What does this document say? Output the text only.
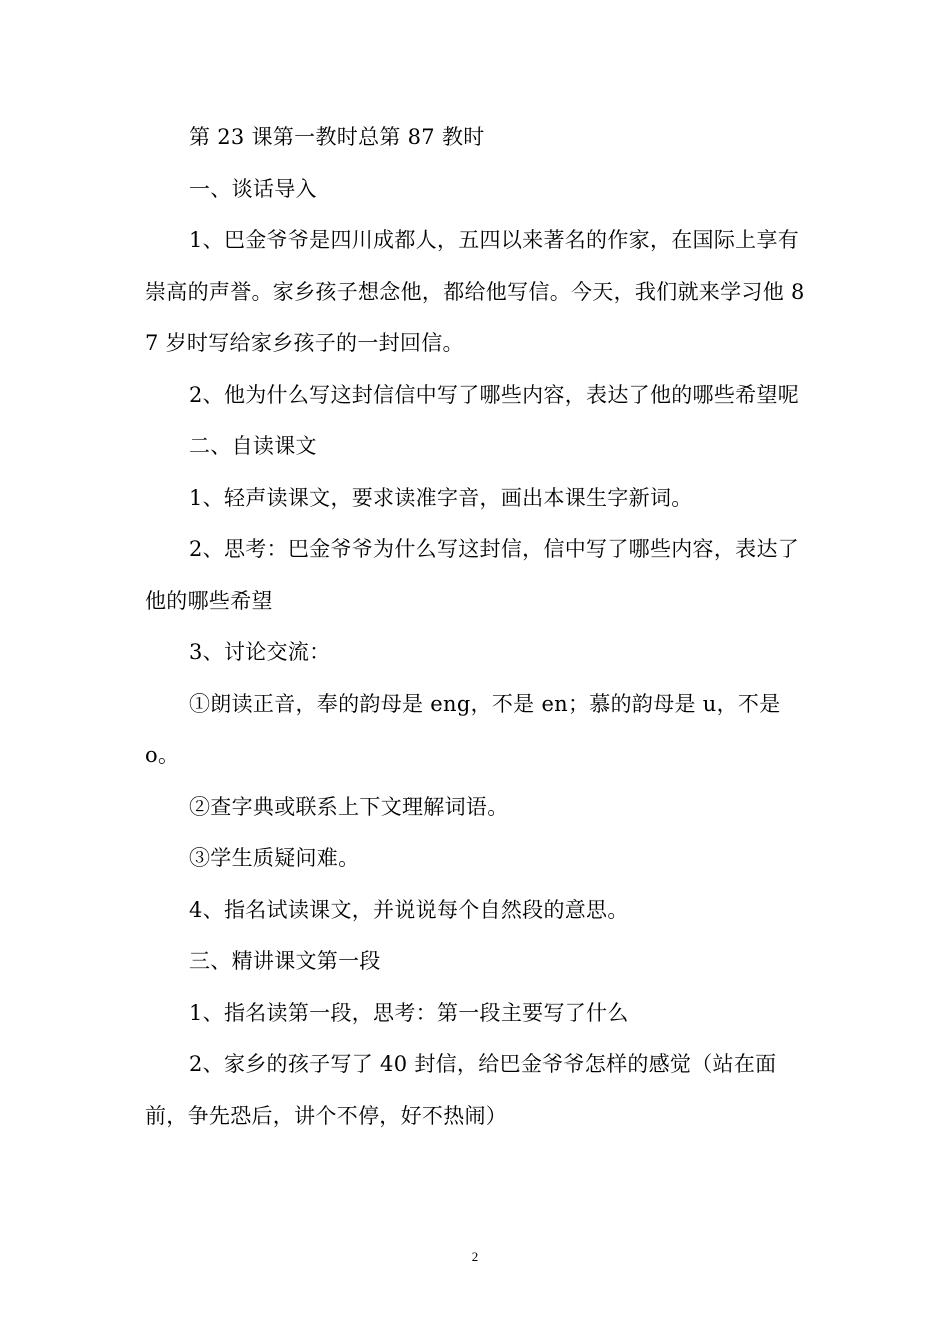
第 23 课第一教时总第 87 教时

一、谈话导入

1、巴金爷爷是四川成都人，五四以来著名的作家，在国际上享有崇高的声誉。家乡孩子想念他，都给他写信。今天，我们就来学习他 87 岁时写给家乡孩子的一封回信。

2、他为什么写这封信信中写了哪些内容，表达了他的哪些希望呢

二、自读课文

1、轻声读课文，要求读准字音，画出本课生字新词。

2、思考：巴金爷爷为什么写这封信，信中写了哪些内容，表达了他的哪些希望

3、讨论交流：

①朗读正音，奉的韵母是 eng，不是 en；慕的韵母是 u，不是 o。

②查字典或联系上下文理解词语。

③学生质疑问难。

4、指名试读课文，并说说每个自然段的意思。

三、精讲课文第一段

1、指名读第一段，思考：第一段主要写了什么

2、家乡的孩子写了 40 封信，给巴金爷爷怎样的感觉（站在面前，争先恐后，讲个不停，好不热闹）

2
